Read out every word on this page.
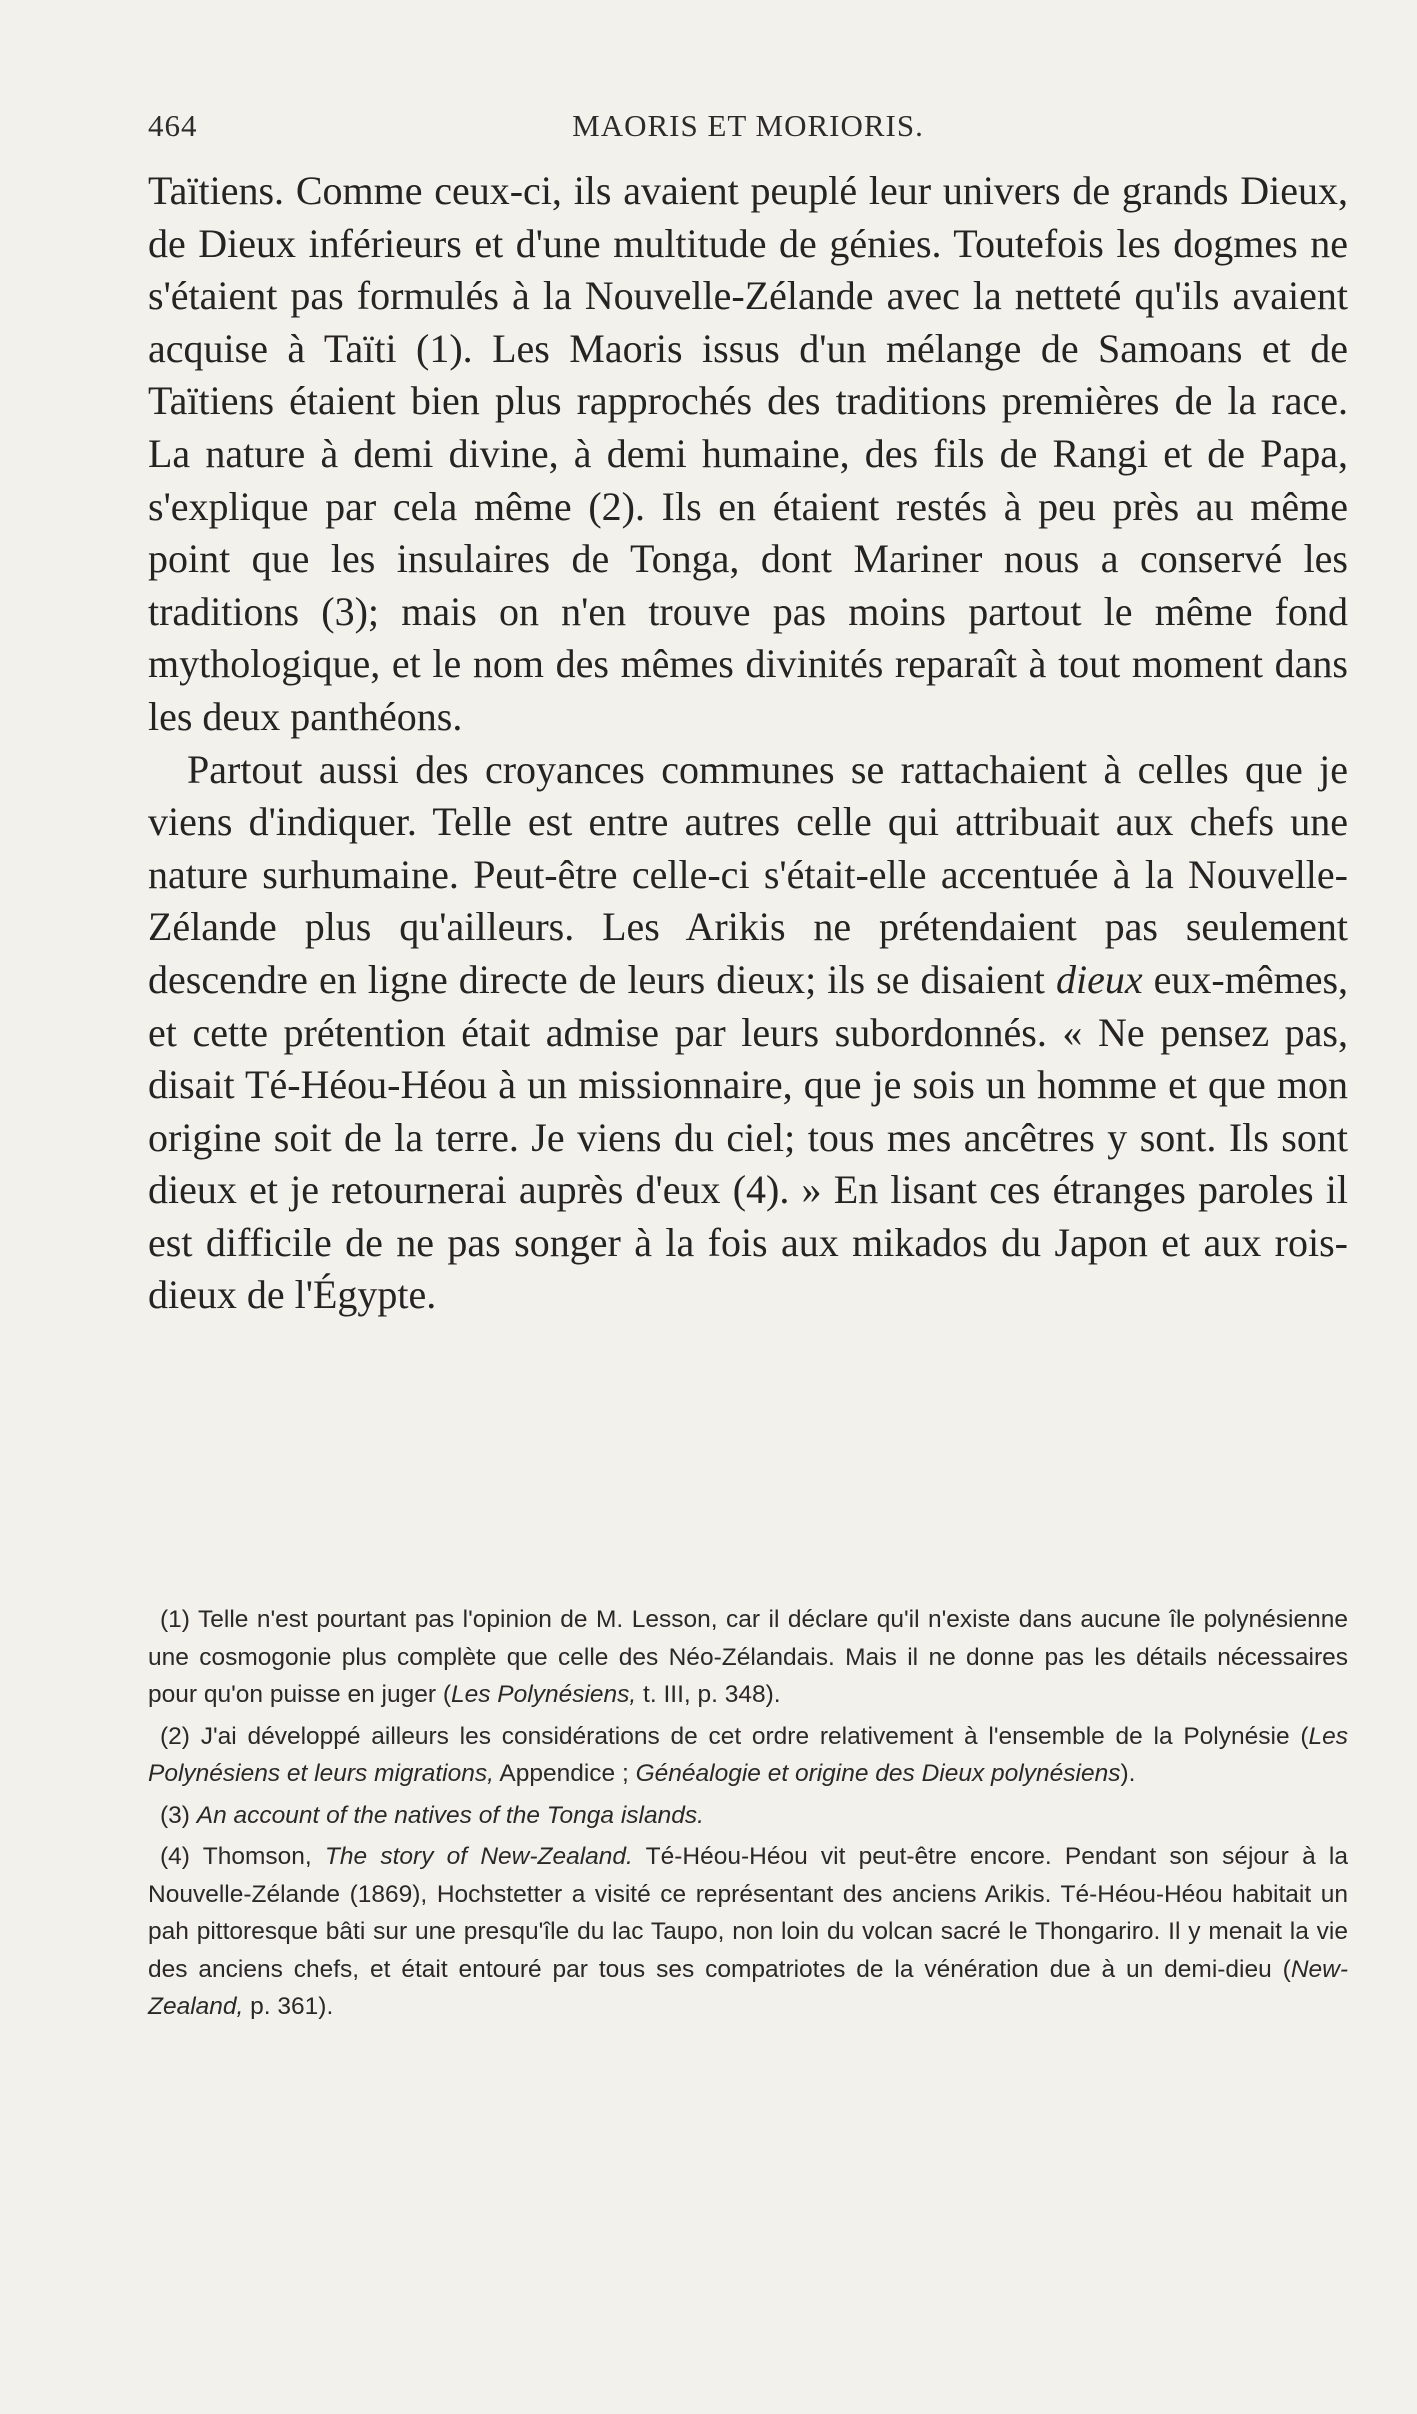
464	MAORIS ET MORIORIS.

Taïtiens. Comme ceux-ci, ils avaient peuplé leur univers de grands Dieux, de Dieux inférieurs et d'une multitude de génies. Toutefois les dogmes ne s'étaient pas formulés à la Nouvelle-Zélande avec la netteté qu'ils avaient acquise à Taïti (1). Les Maoris issus d'un mélange de Samoans et de Taïtiens étaient bien plus rapprochés des traditions premières de la race. La nature à demi divine, à demi humaine, des fils de Rangi et de Papa, s'explique par cela même (2). Ils en étaient restés à peu près au même point que les insulaires de Tonga, dont Mariner nous a conservé les traditions (3); mais on n'en trouve pas moins partout le même fond mythologique, et le nom des mêmes divinités reparaît à tout moment dans les deux panthéons.

Partout aussi des croyances communes se rattachaient à celles que je viens d'indiquer. Telle est entre autres celle qui attribuait aux chefs une nature surhumaine. Peut-être celle-ci s'était-elle accentuée à la Nouvelle-Zélande plus qu'ailleurs. Les Arikis ne prétendaient pas seulement descendre en ligne directe de leurs dieux; ils se disaient dieux eux-mêmes, et cette prétention était admise par leurs subordonnés. « Ne pensez pas, disait Té-Héou-Héou à un missionnaire, que je sois un homme et que mon origine soit de la terre. Je viens du ciel; tous mes ancêtres y sont. Ils sont dieux et je retournerai auprès d'eux (4). » En lisant ces étranges paroles il est difficile de ne pas songer à la fois aux mikados du Japon et aux rois-dieux de l'Égypte.

(1) Telle n'est pourtant pas l'opinion de M. Lesson, car il déclare qu'il n'existe dans aucune île polynésienne une cosmogonie plus complète que celle des Néo-Zélandais. Mais il ne donne pas les détails nécessaires pour qu'on puisse en juger (Les Polynésiens, t. III, p. 348).

(2) J'ai développé ailleurs les considérations de cet ordre relativement à l'ensemble de la Polynésie (Les Polynésiens et leurs migrations, Appendice ; Généalogie et origine des Dieux polynésiens).

(3) An account of the natives of the Tonga islands.

(4) Thomson, The story of New-Zealand. Té-Héou-Héou vit peut-être encore. Pendant son séjour à la Nouvelle-Zélande (1869), Hochstetter a visité ce représentant des anciens Arikis. Té-Héou-Héou habitait un pah pittoresque bâti sur une presqu'île du lac Taupo, non loin du volcan sacré le Thongariro. Il y menait la vie des anciens chefs, et était entouré par tous ses compatriotes de la vénération due à un demi-dieu (New-Zealand, p. 361).
